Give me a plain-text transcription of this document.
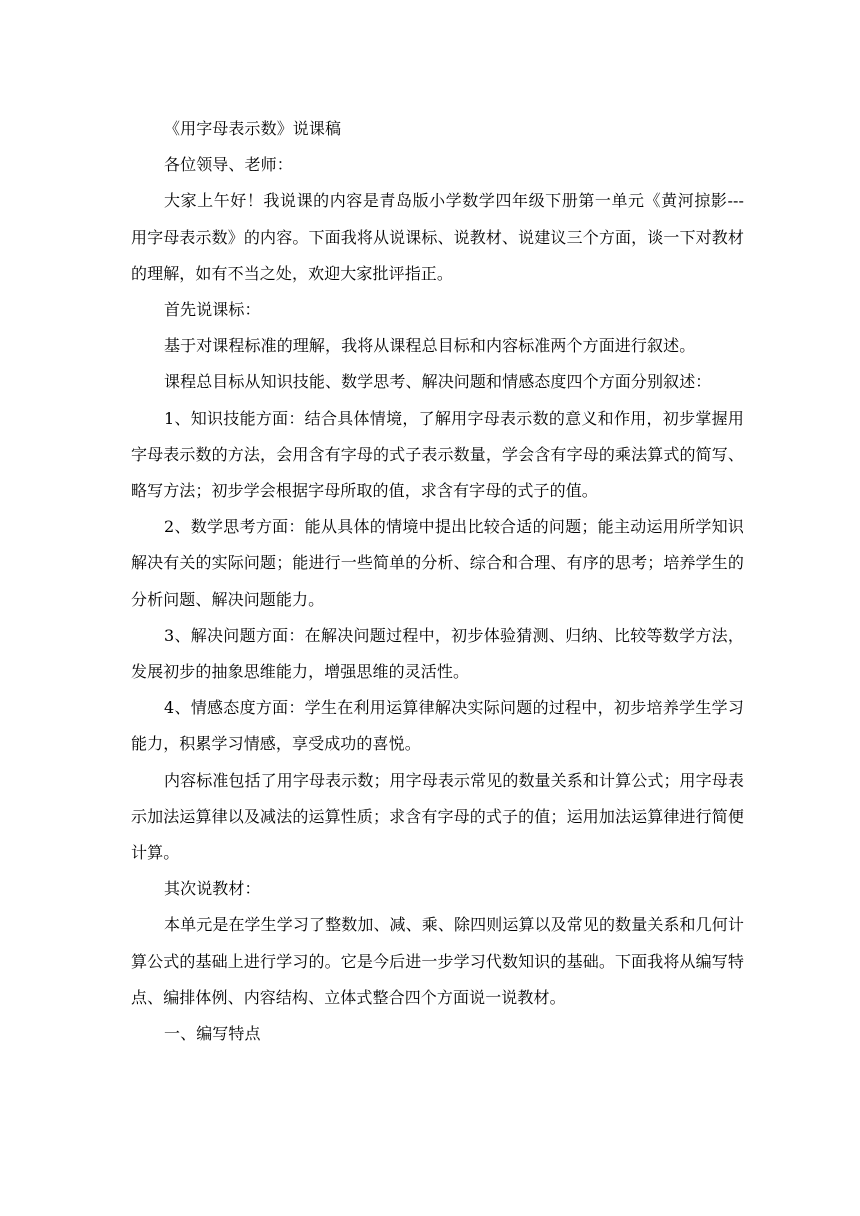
《用字母表示数》说课稿

各位领导、老师：

大家上午好！我说课的内容是青岛版小学数学四年级下册第一单元《黄河掠影---用字母表示数》的内容。下面我将从说课标、说教材、说建议三个方面，谈一下对教材的理解，如有不当之处，欢迎大家批评指正。

首先说课标：

基于对课程标准的理解，我将从课程总目标和内容标准两个方面进行叙述。

课程总目标从知识技能、数学思考、解决问题和情感态度四个方面分别叙述：

1、知识技能方面：结合具体情境，了解用字母表示数的意义和作用，初步掌握用字母表示数的方法，会用含有字母的式子表示数量，学会含有字母的乘法算式的简写、略写方法；初步学会根据字母所取的值，求含有字母的式子的值。

2、数学思考方面：能从具体的情境中提出比较合适的问题；能主动运用所学知识解决有关的实际问题；能进行一些简单的分析、综合和合理、有序的思考；培养学生的分析问题、解决问题能力。

3、解决问题方面：在解决问题过程中，初步体验猜测、归纳、比较等数学方法，发展初步的抽象思维能力，增强思维的灵活性。

4、情感态度方面：学生在利用运算律解决实际问题的过程中，初步培养学生学习能力，积累学习情感，享受成功的喜悦。

内容标准包括了用字母表示数；用字母表示常见的数量关系和计算公式；用字母表示加法运算律以及减法的运算性质；求含有字母的式子的值；运用加法运算律进行简便计算。

其次说教材：

本单元是在学生学习了整数加、减、乘、除四则运算以及常见的数量关系和几何计算公式的基础上进行学习的。它是今后进一步学习代数知识的基础。下面我将从编写特点、编排体例、内容结构、立体式整合四个方面说一说教材。

一、编写特点
